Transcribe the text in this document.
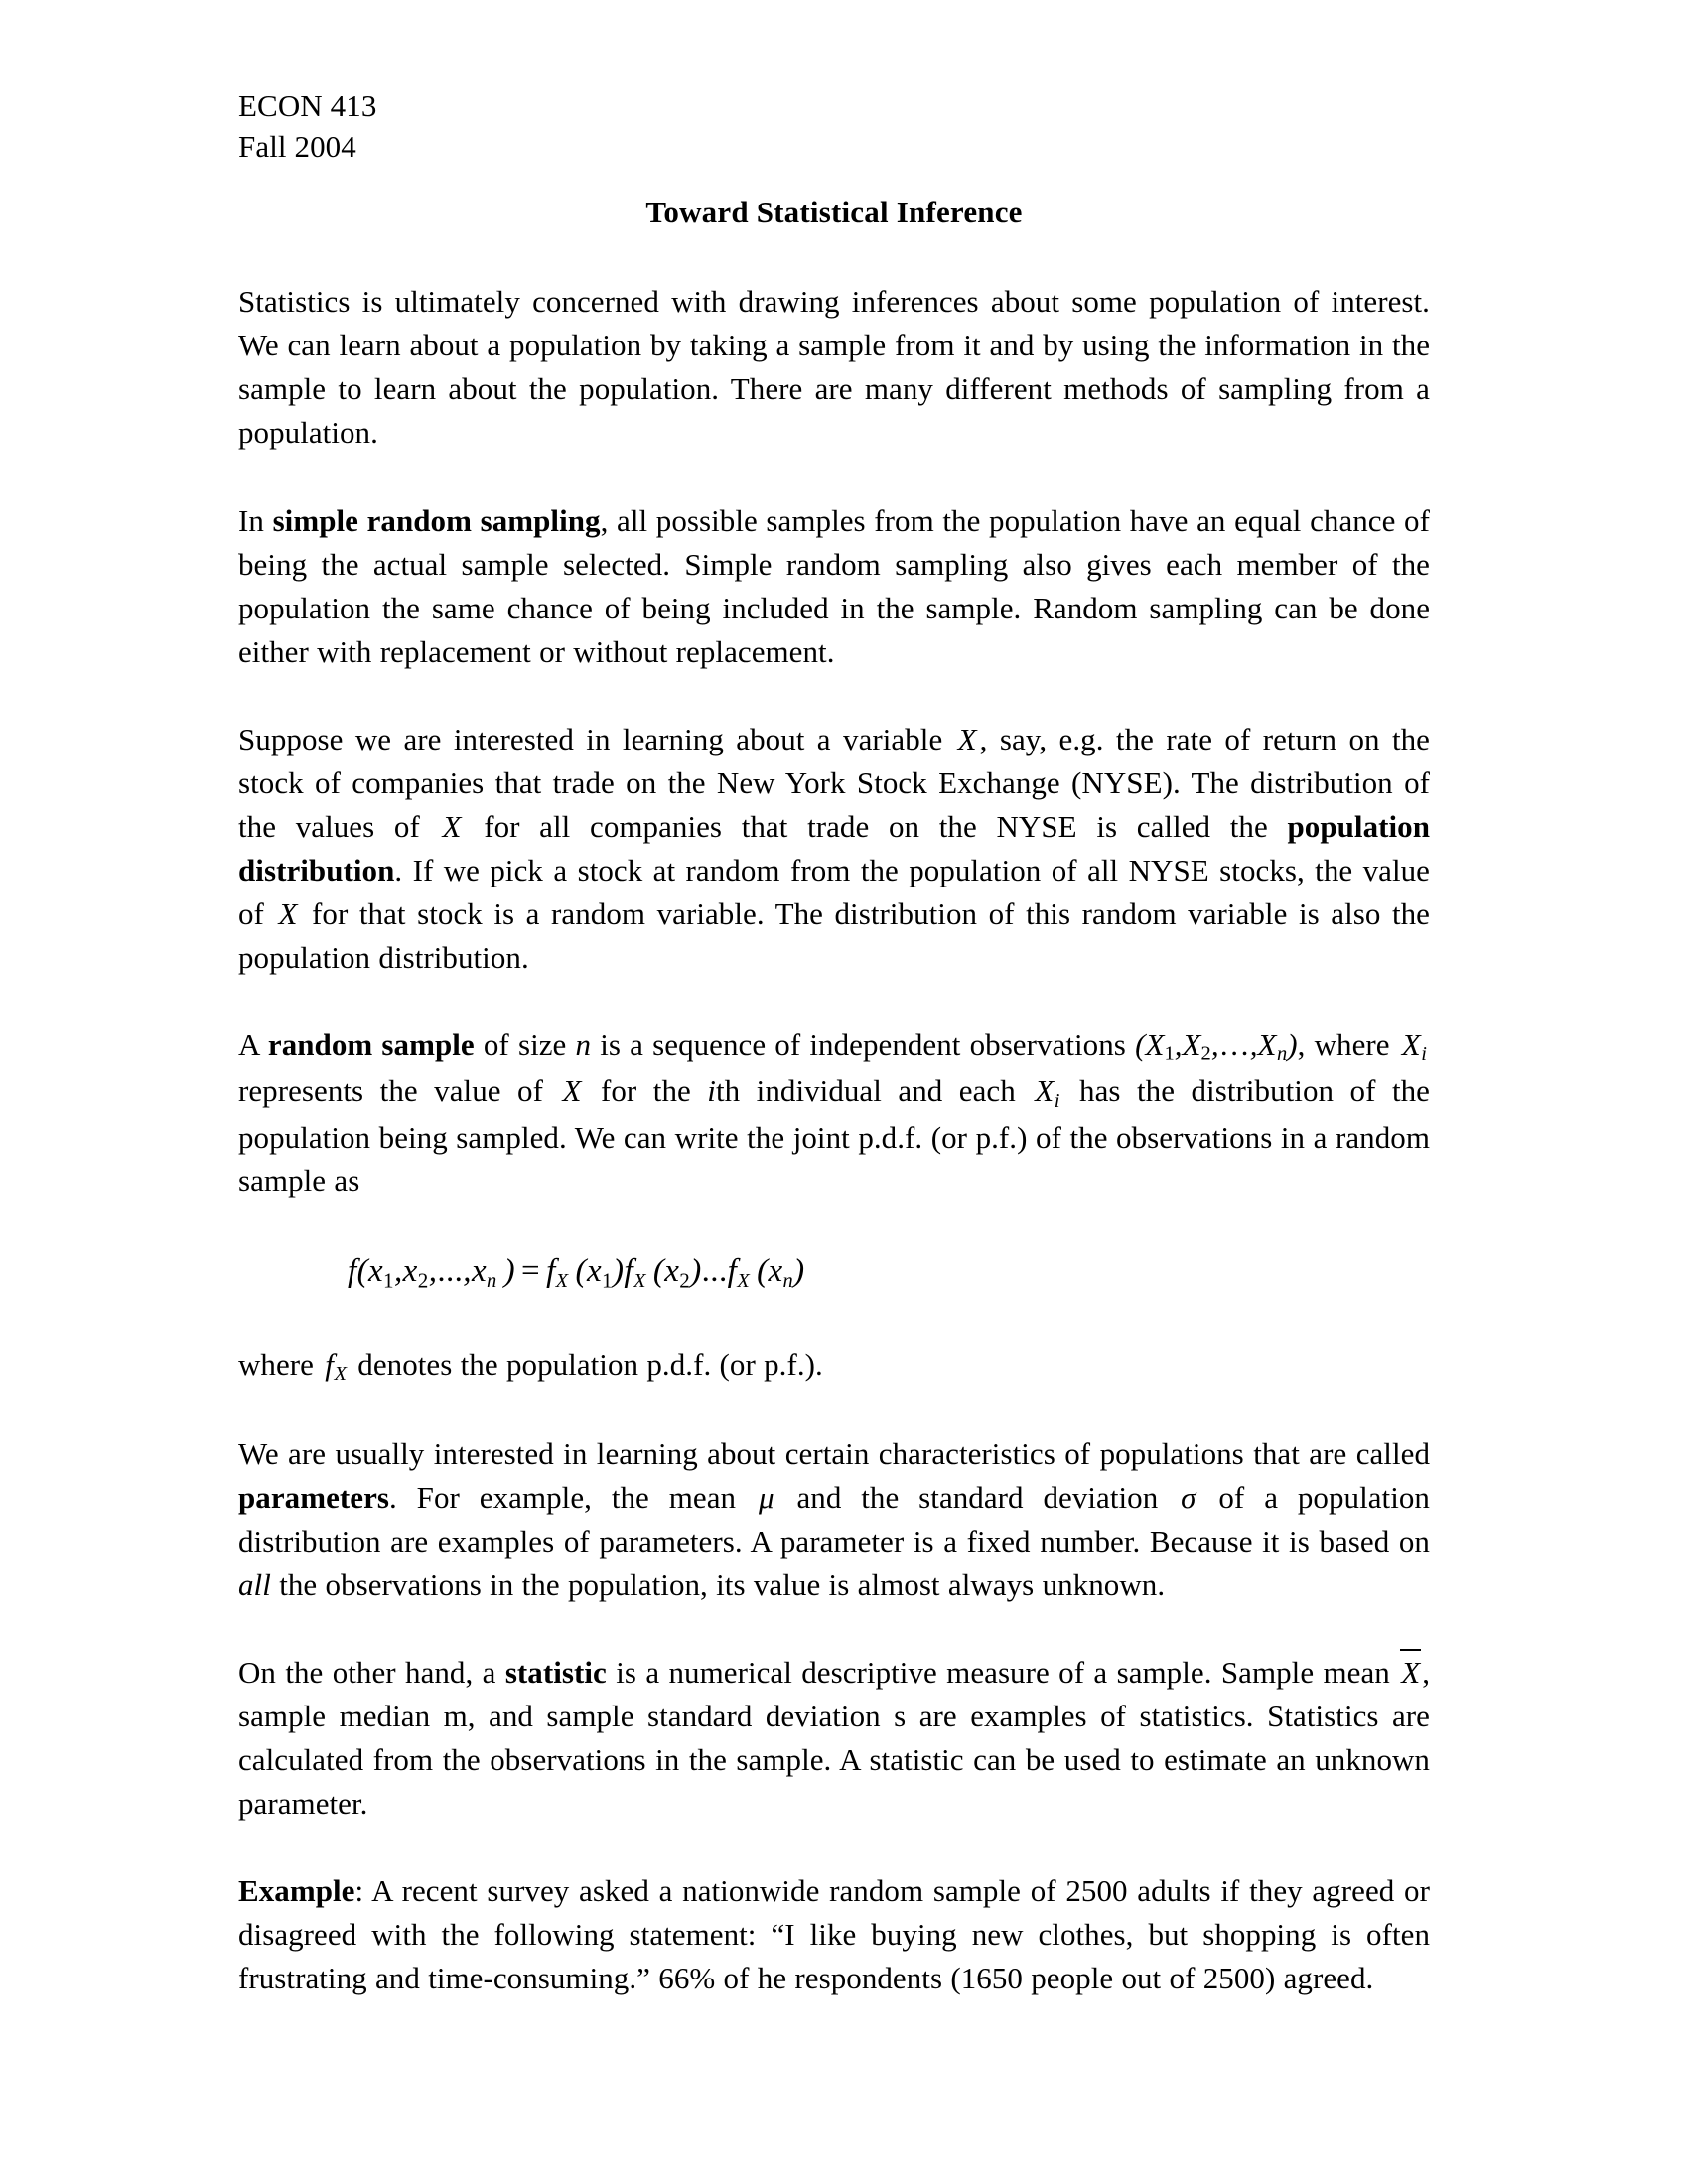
ECON 413
Fall 2004
Toward Statistical Inference

Statistics is ultimately concerned with drawing inferences about some population of interest. We can learn about a population by taking a sample from it and by using the information in the sample to learn about the population. There are many different methods of sampling from a population.

In simple random sampling, all possible samples from the population have an equal chance of being the actual sample selected. Simple random sampling also gives each member of the population the same chance of being included in the sample. Random sampling can be done either with replacement or without replacement.

Suppose we are interested in learning about a variable X, say, e.g. the rate of return on the stock of companies that trade on the New York Stock Exchange (NYSE). The distribution of the values of X for all companies that trade on the NYSE is called the population distribution. If we pick a stock at random from the population of all NYSE stocks, the value of X for that stock is a random variable. The distribution of this random variable is also the population distribution.

A random sample of size n is a sequence of independent observations $(X1,X2,\dots,X_n)$, where $X_i$ represents the value of X for the ith individual and each $X_i$ has the distribution of the population being sampled. We can write the joint p.d.f. (or p.f.) of the observations in a random sample as

f(x1,x2,...,xn ) = fX (x1)fX (x2)...fX (xn)

where $f_X$ denotes the population p.d.f. (or p.f.).

We are usually interested in learning about certain characteristics of populations that are called parameters. For example, the mean μ and the standard deviation σ of a population distribution are examples of parameters. A parameter is a fixed number. Because it is based on all the observations in the population, its value is almost always unknown.

On the other hand, a statistic is a numerical descriptive measure of a sample. Sample mean X, sample median m, and sample standard deviation s are examples of statistics. Statistics are calculated from the observations in the sample. A statistic can be used to estimate an unknown parameter.

Example: A recent survey asked a nationwide random sample of 2500 adults if they agreed or disagreed with the following statement: “I like buying new clothes, but shopping is often frustrating and time-consuming.” 66% of he respondents (1650 people out of 2500) agreed.
